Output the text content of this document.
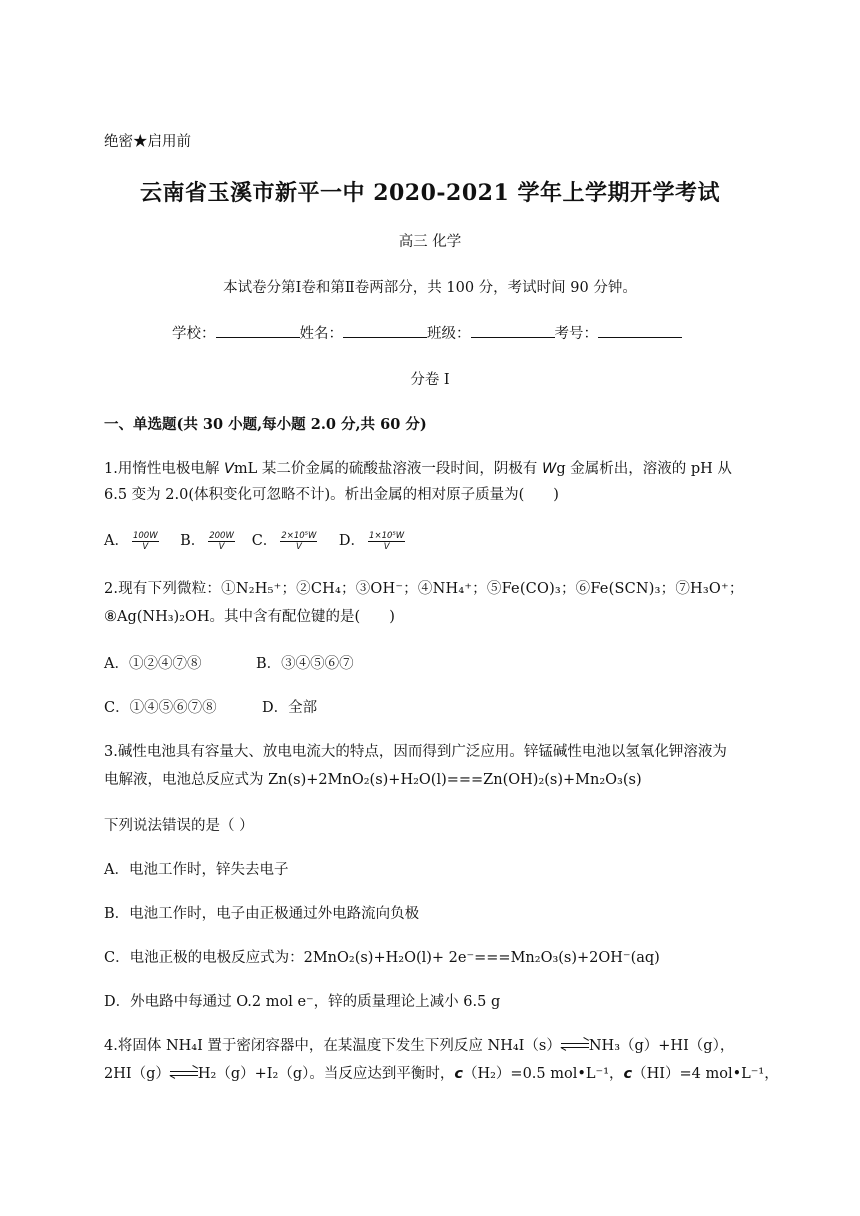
绝密★启用前
云南省玉溪市新平一中 2020-2021 学年上学期开学考试
高三 化学
本试卷分第Ⅰ卷和第Ⅱ卷两部分，共 100 分，考试时间 90 分钟。
学校：	姓名：	班级：	考号：
分卷 I
一、单选题(共 30 小题,每小题 2.0 分,共 60 分)
1.用惰性电极电解 VmL 某二价金属的硫酸盐溶液一段时间，阴极有 Wg 金属析出，溶液的 pH 从
6.5 变为 2.0(体积变化可忽略不计)。析出金属的相对原子质量为(　　)
A． $\frac{100W}{V}$ B． $\frac{200W}{V}$ C． $\frac{\text{2×10⁵W}}{V}$ D． $\frac{\text{1×10⁵W}}{V}$
2.现有下列微粒：①N₂H₅⁺；②CH₄；③OH⁻；④NH₄⁺；⑤Fe(CO)₃；⑥Fe(SCN)₃；⑦H₃O⁺；
⑧Ag(NH₃)₂OH。其中含有配位键的是(　　)
A．①②④⑦⑧	B．③④⑤⑥⑦
C．①④⑤⑥⑦⑧	D．全部
3.碱性电池具有容量大、放电电流大的特点，因而得到广泛应用。锌锰碱性电池以氢氧化钾溶液为
电解液，电池总反应式为 Zn(s)+2MnO₂(s)+H₂O(l)===Zn(OH)₂(s)+Mn₂O₃(s)
下列说法错误的是（ ）
A．电池工作时，锌失去电子
B．电池工作时，电子由正极通过外电路流向负极
C．电池正极的电极反应式为：2MnO₂(s)+H₂O(l)+ 2e⁻===Mn₂O₃(s)+2OH⁻(aq)
D．外电路中每通过 O.2 mol e⁻，锌的质量理论上减小 6.5 g
4.将固体 NH₄I 置于密闭容器中，在某温度下发生下列反应 NH₄I（s） NH₃（g）+HI（g），
2HI（g） H₂（g）+I₂（g）。当反应达到平衡时，c（H₂）=0.5 mol•L⁻¹，c（HI）=4 mol•L⁻¹，
